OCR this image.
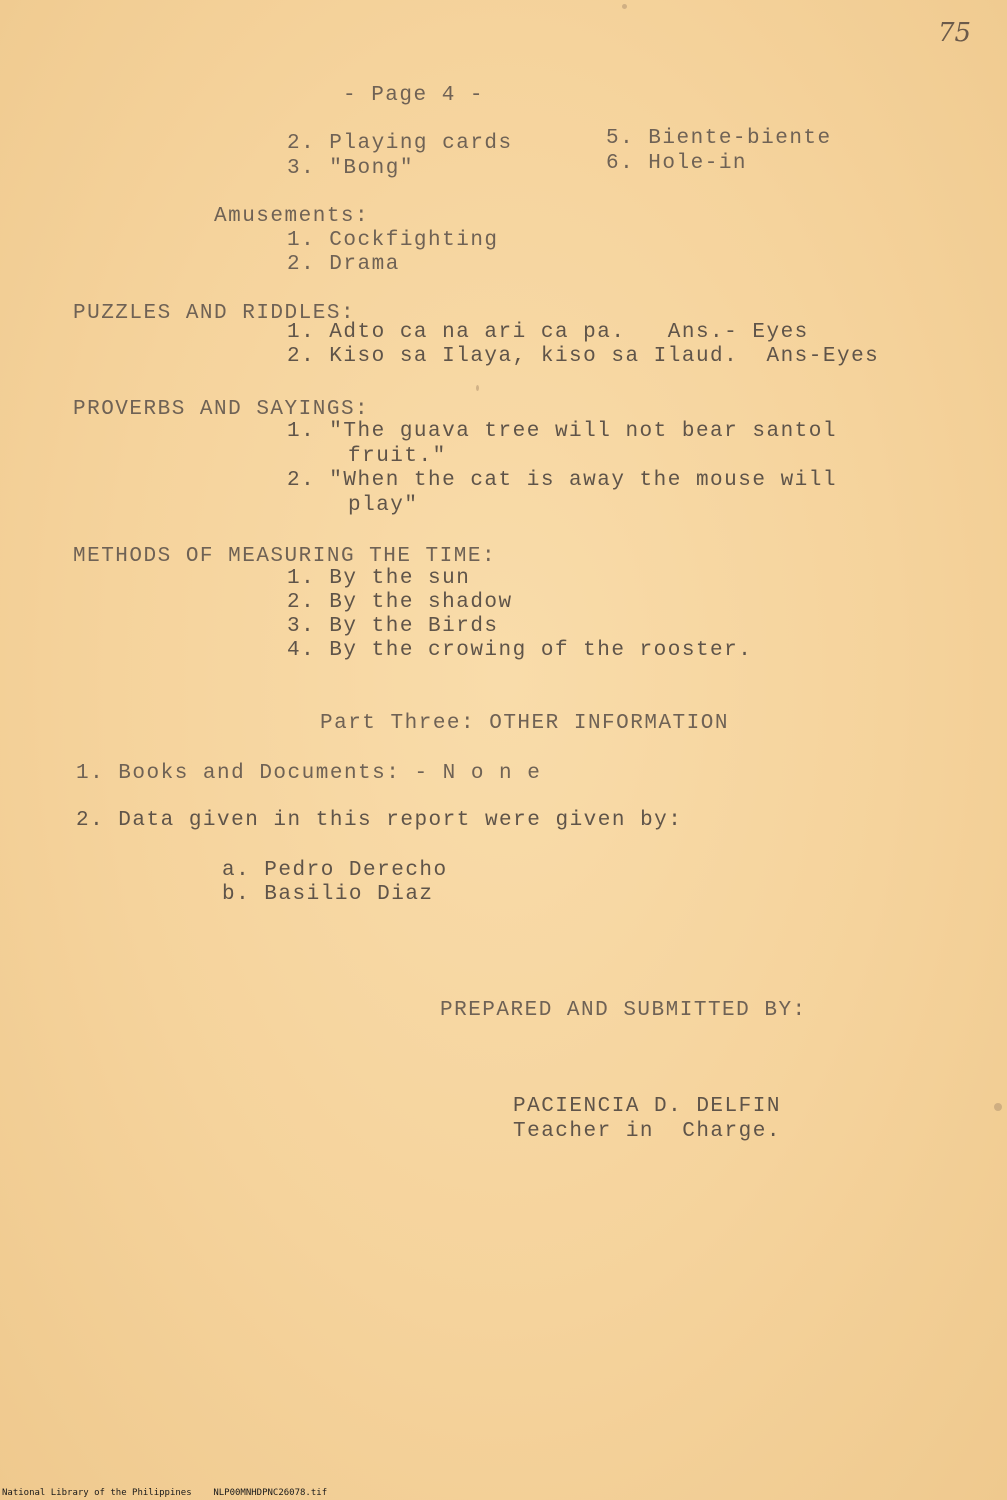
75
- Page 4 -
2. Playing cards
3. "Bong"
5. Biente-biente
6. Hole-in
Amusements:
1. Cockfighting
2. Drama
PUZZLES AND RIDDLES:
1. Adto ca na ari ca pa.   Ans.- Eyes
2. Kiso sa Ilaya, kiso sa Ilaud.  Ans-Eyes
PROVERBS AND SAYINGS:
1. "The guava tree will not bear santol
fruit."
2. "When the cat is away the mouse will
play"
METHODS OF MEASURING THE TIME:
1. By the sun
2. By the shadow
3. By the Birds
4. By the crowing of the rooster.
Part Three: OTHER INFORMATION
1. Books and Documents: - N o n e
2. Data given in this report were given by:
a. Pedro Derecho
b. Basilio Diaz
PREPARED AND SUBMITTED BY:
PACIENCIA D. DELFIN
Teacher in  Charge.
National Library of the Philippines    NLP00MNHDPNC26078.tif
